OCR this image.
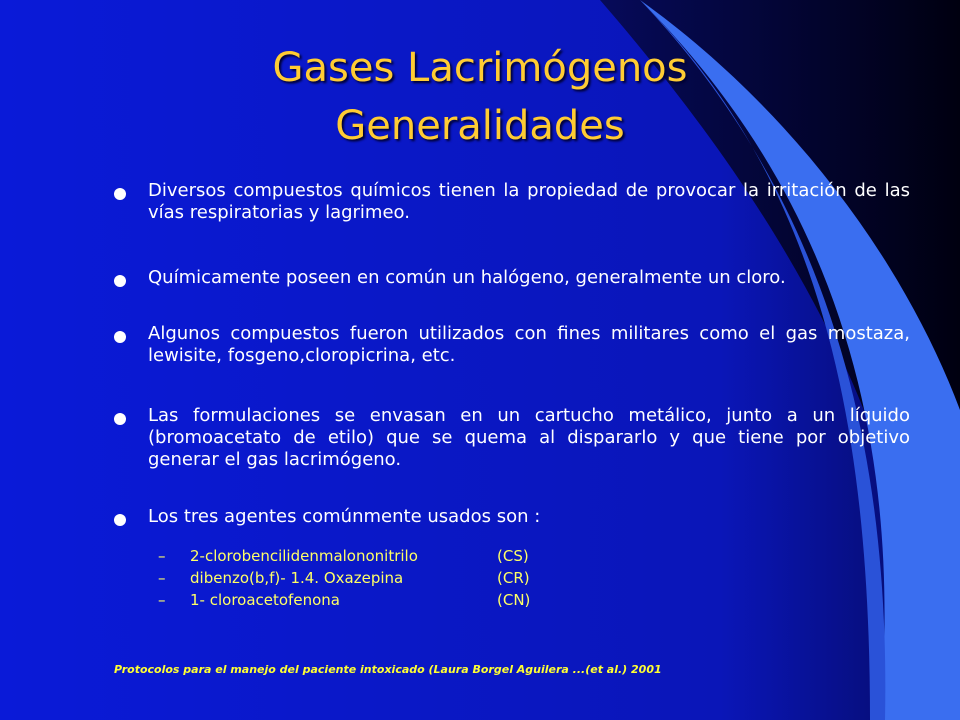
Gases Lacrimógenos
Generalidades
Diversos compuestos químicos tienen la propiedad de provocar la irritación de las vías respiratorias y lagrimeo.
Químicamente poseen en común un halógeno, generalmente un cloro.
Algunos compuestos fueron utilizados con fines militares como el gas mostaza, lewisite, fosgeno,cloropicrina, etc.
Las formulaciones se envasan en un cartucho metálico, junto a un líquido (bromoacetato de etilo) que se quema al dispararlo y que tiene por objetivo generar el gas lacrimógeno.
Los tres agentes comúnmente usados son :
– 2-clorobencilidenmalononitrilo	(CS)
– dibenzo(b,f)- 1.4. Oxazepina	(CR)
– 1- cloroacetofenona	(CN)
Protocolos para el manejo del paciente intoxicado (Laura Borgel Aguilera ...(et al.) 2001
